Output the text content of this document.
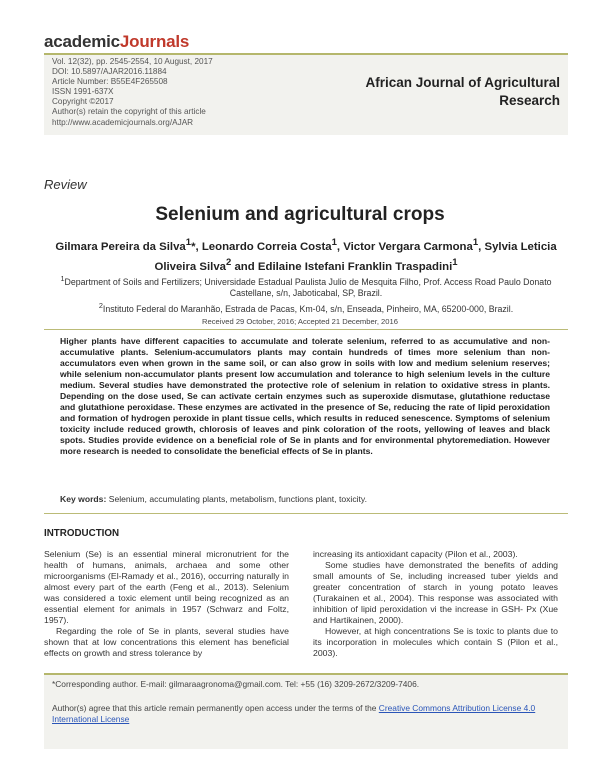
academicJournals
Vol. 12(32), pp. 2545-2554, 10 August, 2017
DOI: 10.5897/AJAR2016.11884
Article Number: B55E4F265508
ISSN 1991-637X
Copyright ©2017
Author(s) retain the copyright of this article
http://www.academicjournals.org/AJAR
African Journal of Agricultural
Research
Review
Selenium and agricultural crops
Gilmara Pereira da Silva$^1$*, Leonardo Correia Costa$^1$, Victor Vergara Carmona$^1$, Sylvia Leticia Oliveira Silva$^2$ and Edilaine Istefani Franklin Traspadini$^1$
$^1$Department of Soils and Fertilizers; Universidade Estadual Paulista Julio de Mesquita Filho, Prof. Access Road Paulo Donato Castellane, s/n, Jaboticabal, SP, Brazil.
$^2$Instituto Federal do Maranhão, Estrada de Pacas, Km-04, s/n, Enseada, Pinheiro, MA, 65200-000, Brazil.
Received 29 October, 2016; Accepted 21 December, 2016
Higher plants have different capacities to accumulate and tolerate selenium, referred to as accumulative and non-accumulative plants. Selenium-accumulators plants may contain hundreds of times more selenium than non-accumulators even when grown in the same soil, or can also grow in soils with low and medium selenium reserves; while selenium non-accumulator plants present low accumulation and tolerance to high selenium levels in the culture medium. Several studies have demonstrated the protective role of selenium in relation to oxidative stress in plants. Depending on the dose used, Se can activate certain enzymes such as superoxide dismutase, glutathione reductase and glutathione peroxidase. These enzymes are activated in the presence of Se, reducing the rate of lipid peroxidation and formation of hydrogen peroxide in plant tissue cells, which results in reduced senescence. Symptoms of selenium toxicity include reduced growth, chlorosis of leaves and pink coloration of the roots, yellowing of leaves and black spots. Studies provide evidence on a beneficial role of Se in plants and for environmental phytoremediation. However more research is needed to consolidate the beneficial effects of Se in plants.
Key words: Selenium, accumulating plants, metabolism, functions plant, toxicity.
INTRODUCTION

Selenium (Se) is an essential mineral micronutrient for the health of humans, animals, archaea and some other microorganisms (El-Ramady et al., 2016), occurring naturally in almost every part of the earth (Feng et al., 2013). Selenium was considered a toxic element until being recognized as an essential element for animals in 1957 (Schwarz and Foltz, 1957).

Regarding the role of Se in plants, several studies have shown that at low concentrations this element has beneficial effects on growth and stress tolerance by

increasing its antioxidant capacity (Pilon et al., 2003).

Some studies have demonstrated the benefits of adding small amounts of Se, including increased tuber yields and greater concentration of starch in young potato leaves (Turakainen et al., 2004). This response was associated with inhibition of lipid peroxidation vi the increase in GSH- Px (Xue and Hartikainen, 2000).

However, at high concentrations Se is toxic to plants due to its incorporation in molecules which contain S (Pilon et al., 2003).

*Corresponding author. E-mail: gilmaraagronoma@gmail.com. Tel: +55 (16) 3209-2672/3209-7406.
Author(s) agree that this article remain permanently open access under the terms of the Creative Commons Attribution License 4.0 International License
